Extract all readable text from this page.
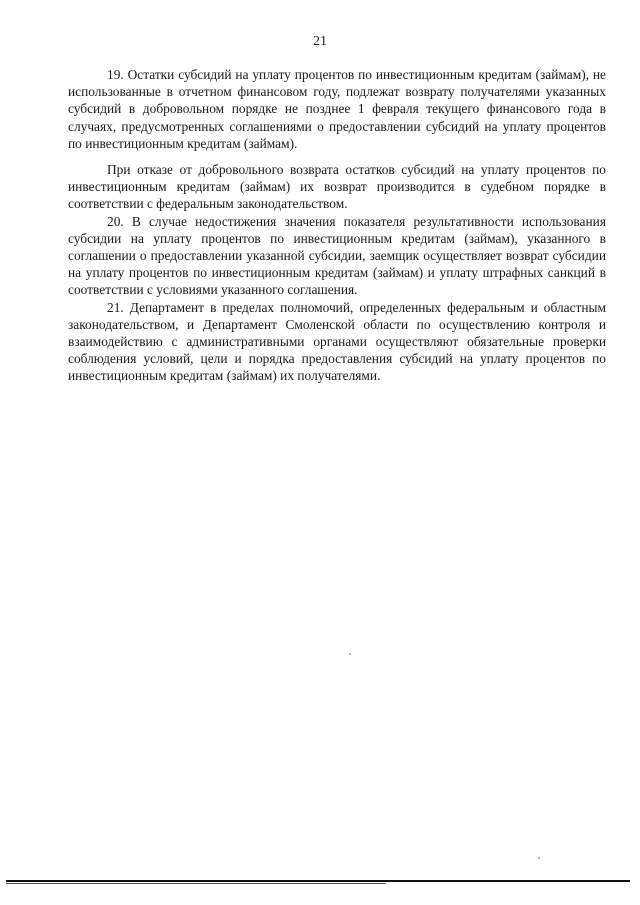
21

19. Остатки субсидий на уплату процентов по инвестиционным кредитам (займам), не использованные в отчетном финансовом году, подлежат возврату получателями указанных субсидий в добровольном порядке не позднее 1 февраля текущего финансового года в случаях, предусмотренных соглашениями о предоставлении субсидий на уплату процентов по инвестиционным кредитам (займам).

При отказе от добровольного возврата остатков субсидий на уплату процентов по инвестиционным кредитам (займам) их возврат производится в судебном порядке в соответствии с федеральным законодательством.

20. В случае недостижения значения показателя результативности использования субсидии на уплату процентов по инвестиционным кредитам (займам), указанного в соглашении о предоставлении указанной субсидии, заемщик осуществляет возврат субсидии на уплату процентов по инвестиционным кредитам (займам) и уплату штрафных санкций в соответствии с условиями указанного соглашения.

21. Департамент в пределах полномочий, определенных федеральным и областным законодательством, и Департамент Смоленской области по осуществлению контроля и взаимодействию с административными органами осуществляют обязательные проверки соблюдения условий, цели и порядка предоставления субсидий на уплату процентов по инвестиционным кредитам (займам) их получателями.
